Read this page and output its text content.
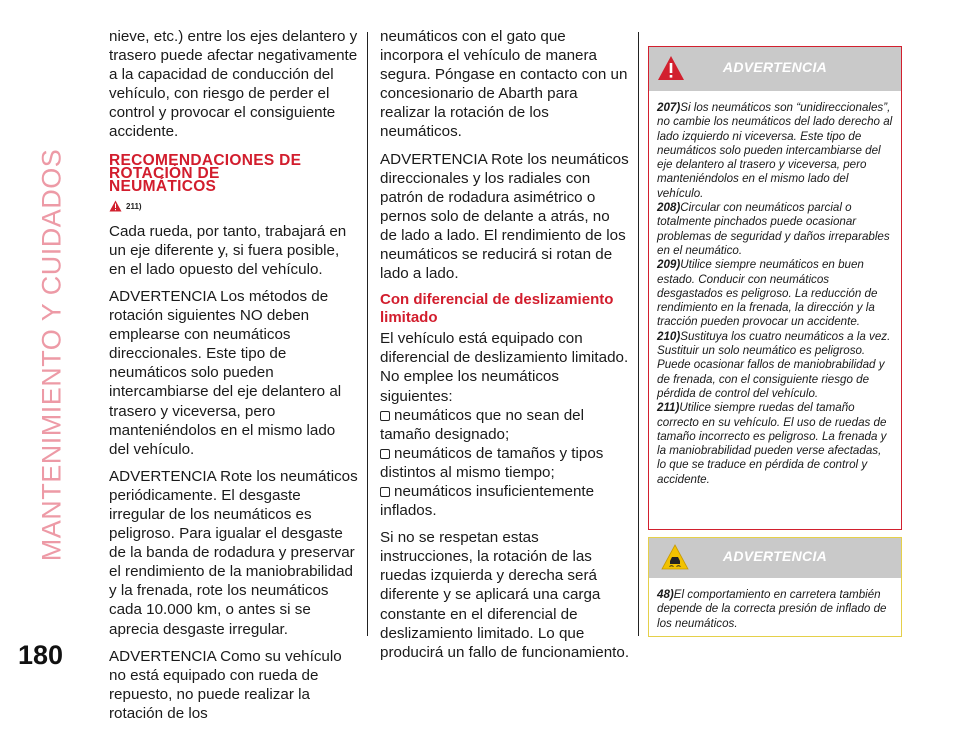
MANTENIMIENTO Y CUIDADOS
180

nieve, etc.) entre los ejes delantero y trasero puede afectar negativamente a la capacidad de conducción del vehículo, con riesgo de perder el control y provocar el consiguiente accidente.

RECOMENDACIONES DE
ROTACIÓN DE
NEUMÁTICOS
211)

Cada rueda, por tanto, trabajará en un eje diferente y, si fuera posible, en el lado opuesto del vehículo.

ADVERTENCIA Los métodos de rotación siguientes NO deben emplearse con neumáticos direccionales. Este tipo de neumáticos solo pueden intercambiarse del eje delantero al trasero y viceversa, pero manteniéndolos en el mismo lado del vehículo.

ADVERTENCIA Rote los neumáticos periódicamente. El desgaste irregular de los neumáticos es peligroso. Para igualar el desgaste de la banda de rodadura y preservar el rendimiento de la maniobrabilidad y la frenada, rote los neumáticos cada 10.000 km, o antes si se aprecia desgaste irregular.

ADVERTENCIA Como su vehículo no está equipado con rueda de repuesto, no puede realizar la rotación de los

neumáticos con el gato que incorpora el vehículo de manera segura. Póngase en contacto con un concesionario de Abarth para realizar la rotación de los neumáticos.

ADVERTENCIA Rote los neumáticos direccionales y los radiales con patrón de rodadura asimétrico o pernos solo de delante a atrás, no de lado a lado. El rendimiento de los neumáticos se reducirá si rotan de lado a lado.

Con diferencial de deslizamiento limitado

El vehículo está equipado con diferencial de deslizamiento limitado. No emplee los neumáticos siguientes:

neumáticos que no sean del tamaño designado;
neumáticos de tamaños y tipos distintos al mismo tiempo;
neumáticos insuficientemente inflados.

Si no se respetan estas instrucciones, la rotación de las ruedas izquierda y derecha será diferente y se aplicará una carga constante en el diferencial de deslizamiento limitado. Lo que producirá un fallo de funcionamiento.

ADVERTENCIA
207)Si los neumáticos son “unidireccionales”, no cambie los neumáticos del lado derecho al lado izquierdo ni viceversa. Este tipo de neumáticos solo pueden intercambiarse del eje delantero al trasero y viceversa, pero manteniéndolos en el mismo lado del vehículo.
208)Circular con neumáticos parcial o totalmente pinchados puede ocasionar problemas de seguridad y daños irreparables en el neumático.
209)Utilice siempre neumáticos en buen estado. Conducir con neumáticos desgastados es peligroso. La reducción de rendimiento en la frenada, la dirección y la tracción pueden provocar un accidente.
210)Sustituya los cuatro neumáticos a la vez. Sustituir un solo neumático es peligroso. Puede ocasionar fallos de maniobrabilidad y de frenada, con el consiguiente riesgo de pérdida de control del vehículo.
211)Utilice siempre ruedas del tamaño correcto en su vehículo. El uso de ruedas de tamaño incorrecto es peligroso. La frenada y la maniobrabilidad pueden verse afectadas, lo que se traduce en pérdida de control y accidente.
ADVERTENCIA
48)El comportamiento en carretera también depende de la correcta presión de inflado de los neumáticos.
